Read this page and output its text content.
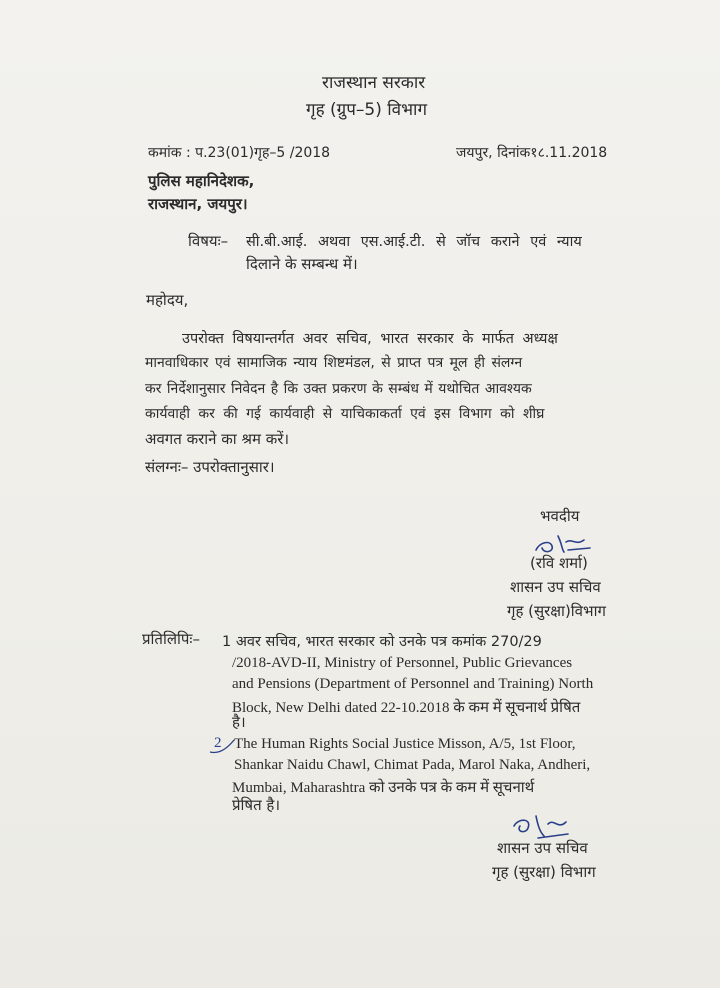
राजस्थान सरकार
गृह (ग्रुप–5) विभाग
कमांक : प.23(01)गृह–5 /2018	जयपुर, दिनांक१८.11.2018
पुलिस महानिदेशक,
राजस्थान, जयपुर।
विषयः– सी.बी.आई. अथवा एस.आई.टी. से जॉच कराने एवं न्याय
दिलाने के सम्बन्ध में।
महोदय,
उपरोक्त विषयान्तर्गत अवर सचिव, भारत सरकार के मार्फत अध्यक्ष
मानवाधिकार एवं सामाजिक न्याय शिष्टमंडल, से प्राप्त पत्र मूल ही संलग्न
कर निर्देशानुसार निवेदन है कि उक्त प्रकरण के सम्बंध में यथोचित आवश्यक
कार्यवाही कर की गई कार्यवाही से याचिकाकर्ता एवं इस विभाग को शीघ्र
अवगत कराने का श्रम करें।
संलग्नः– उपरोक्तानुसार।
भवदीय
(रवि शर्मा)
शासन उप सचिव
गृह (सुरक्षा)विभाग
प्रतिलिपिः– 1 अवर सचिव, भारत सरकार को उनके पत्र कमांक 270/29
/2018-AVD-II, Ministry of Personnel, Public Grievances
and Pensions (Department of Personnel and Training) North
Block, New Delhi dated 22-10.2018 के कम में सूचनार्थ प्रेषित
है।
2 The Human Rights Social Justice Misson, A/5, 1st Floor,
Shankar Naidu Chawl, Chimat Pada, Marol Naka, Andheri,
Mumbai, Maharashtra को उनके पत्र के कम में सूचनार्थ
प्रेषित है।
शासन उप सचिव
गृह (सुरक्षा) विभाग
